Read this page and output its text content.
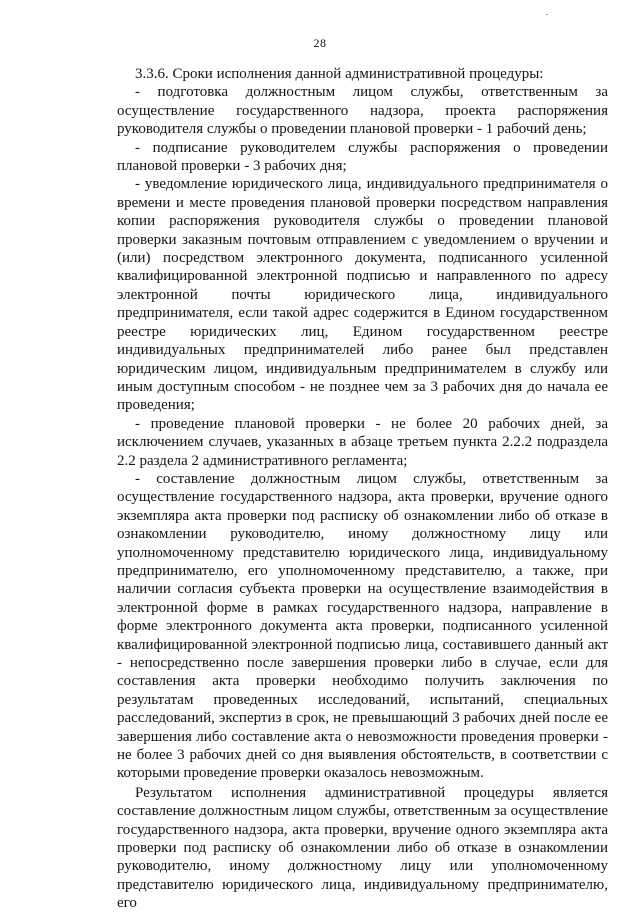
28

3.3.6. Сроки исполнения данной административной процедуры:

- подготовка должностным лицом службы, ответственным за осуществление государственного надзора, проекта распоряжения руководителя службы о проведении плановой проверки - 1 рабочий день;

- подписание руководителем службы распоряжения о проведении плановой проверки - 3 рабочих дня;

- уведомление юридического лица, индивидуального предпринимателя о времени и месте проведения плановой проверки посредством направления копии распоряжения руководителя службы о проведении плановой проверки заказным почтовым отправлением с уведомлением о вручении и (или) посредством электронного документа, подписанного усиленной квалифицированной электронной подписью и направленного по адресу электронной почты юридического лица, индивидуального предпринимателя, если такой адрес содержится в Едином государственном реестре юридических лиц, Едином государственном реестре индивидуальных предпринимателей либо ранее был представлен юридическим лицом, индивидуальным предпринимателем в службу или иным доступным способом - не позднее чем за 3 рабочих дня до начала ее проведения;

- проведение плановой проверки - не более 20 рабочих дней, за исключением случаев, указанных в абзаце третьем пункта 2.2.2 подраздела 2.2 раздела 2 административного регламента;

- составление должностным лицом службы, ответственным за осуществление государственного надзора, акта проверки, вручение одного экземпляра акта проверки под расписку об ознакомлении либо об отказе в ознакомлении руководителю, иному должностному лицу или уполномоченному представителю юридического лица, индивидуальному предпринимателю, его уполномоченному представителю, а также, при наличии согласия субъекта проверки на осуществление взаимодействия в электронной форме в рамках государственного надзора, направление в форме электронного документа акта проверки, подписанного усиленной квалифицированной электронной подписью лица, составившего данный акт - непосредственно после завершения проверки либо в случае, если для составления акта проверки необходимо получить заключения по результатам проведенных исследований, испытаний, специальных расследований, экспертиз в срок, не превышающий 3 рабочих дней после ее завершения либо составление акта о невозможности проведения проверки - не более 3 рабочих дней со дня выявления обстоятельств, в соответствии с которыми проведение проверки оказалось невозможным.

Результатом исполнения административной процедуры является составление должностным лицом службы, ответственным за осуществление государственного надзора, акта проверки, вручение одного экземпляра акта проверки под расписку об ознакомлении либо об отказе в ознакомлении руководителю, иному должностному лицу или уполномоченному представителю юридического лица, индивидуальному предпринимателю, его
